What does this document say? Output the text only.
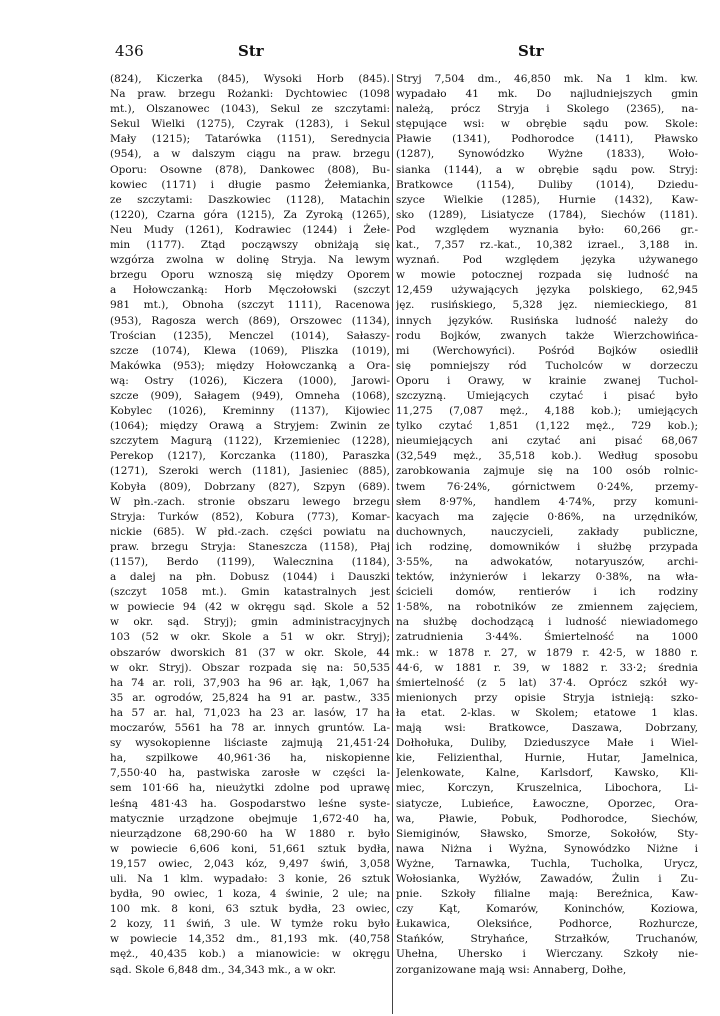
436	Str	Str
(824), Kiczerka (845), Wysoki Horb (845).
Na praw. brzegu Rożanki: Dychtowiec (1098
mt.), Olszanowec (1043), Sekul ze szczytami:
Sekul Wielki (1275), Czyrak (1283), i Sekul
Mały (1215); Tatarówka (1151), Serednycia
(954), a w dalszym ciągu na praw. brzegu
Oporu: Osowne (878), Dankowec (808), Bu-
kowiec (1171) i długie pasmo Żełemianka,
ze szczytami: Daszkowiec (1128), Matachin
(1220), Czarna góra (1215), Za Zyroką (1265),
Neu Mudy (1261), Kodrawiec (1244) i Żełe-
min (1177). Ztąd począwszy obniżają się
wzgórza zwolna w dolinę Stryja. Na lewym
brzegu Oporu wznoszą się między Oporem
a Hołowczanką: Horb Męczołowski (szczyt
981 mt.), Obnoha (szczyt 1111), Racenowa
(953), Ragosza werch (869), Orszowec (1134),
Trościan (1235), Menczel (1014), Sałaszy-
szcze (1074), Klewa (1069), Pliszka (1019),
Makówka (953); między Hołowczanką a Ora-
wą: Ostry (1026), Kiczera (1000), Jarowi-
szcze (909), Sałagem (949), Omneha (1068),
Kobylec (1026), Kreminny (1137), Kijowiec
(1064); między Orawą a Stryjem: Zwinin ze
szczytem Magurą (1122), Krzemieniec (1228),
Perekop (1217), Korczanka (1180), Paraszka
(1271), Szeroki werch (1181), Jasieniec (885),
Kobyła (809), Dobrzany (827), Szpyn (689).
W płn.-zach. stronie obszaru lewego brzegu
Stryja: Turków (852), Kobura (773), Komar-
nickie (685). W płd.-zach. części powiatu na
praw. brzegu Stryja: Staneszcza (1158), Płaj
(1157), Berdo (1199), Walecznina (1184),
a dalej na płn. Dobusz (1044) i Dauszki
(szczyt 1058 mt.). Gmin katastralnych jest
w powiecie 94 (42 w okręgu sąd. Skole a 52
w okr. sąd. Stryj); gmin administracyjnych
103 (52 w okr. Skole a 51 w okr. Stryj);
obszarów dworskich 81 (37 w okr. Skole, 44
w okr. Stryj). Obszar rozpada się na: 50,535
ha 74 ar. roli, 37,903 ha 96 ar. łąk, 1,067 ha
35 ar. ogrodów, 25,824 ha 91 ar. pastw., 335
ha 57 ar. hal, 71,023 ha 23 ar. lasów, 17 ha
moczarów, 5561 ha 78 ar. innych gruntów. La-
sy wysokopienne liściaste zajmują 21,451·24
ha, szpilkowe 40,961·36 ha, niskopienne
7,550·40 ha, pastwiska zarosłe w części la-
sem 101·66 ha, nieużytki zdolne pod uprawę
leśną 481·43 ha. Gospodarstwo leśne syste-
matycznie urządzone obejmuje 1,672·40 ha,
nieurządzone 68,290·60 ha W 1880 r. było
w powiecie 6,606 koni, 51,661 sztuk bydła,
19,157 owiec, 2,043 kóz, 9,497 świń, 3,058
uli. Na 1 klm. wypadało: 3 konie, 26 sztuk
bydła, 90 owiec, 1 koza, 4 świnie, 2 ule; na
100 mk. 8 koni, 63 sztuk bydła, 23 owiec,
2 kozy, 11 świń, 3 ule. W tymże roku było
w powiecie 14,352 dm., 81,193 mk. (40,758
męż., 40,435 kob.) a mianowicie: w okręgu
sąd. Skole 6,848 dm., 34,343 mk., a w okr.
Stryj 7,504 dm., 46,850 mk. Na 1 klm. kw.
wypadało 41 mk. Do najludniejszych gmin
należą, prócz Stryja i Skolego (2365), na-
stępujące wsi: w obrębie sądu pow. Skole:
Pławie (1341), Podhorodce (1411), Pławsko
(1287), Synowódzko Wyżne (1833), Woło-
sianka (1144), a w obrębie sądu pow. Stryj:
Bratkowce (1154), Duliby (1014), Dziedu-
szyce Wielkie (1285), Hurnie (1432), Kaw-
sko (1289), Lisiatycze (1784), Siechów (1181).
Pod względem wyznania było: 60,266 gr.-
kat., 7,357 rz.-kat., 10,382 izrael., 3,188 in.
wyznań. Pod względem języka używanego
w mowie potocznej rozpada się ludność na
12,459 używających języka polskiego, 62,945
jęz. rusińskiego, 5,328 jęz. niemieckiego, 81
innych języków. Rusińska ludność należy do
rodu Bojków, zwanych także Wierzchowińca-
mi (Werchowyńci). Pośród Bojków osiedlił
się pomniejszy ród Tucholców w dorzeczu
Oporu i Orawy, w krainie zwanej Tuchol-
szczyzną. Umiejących czytać i pisać było
11,275 (7,087 męż., 4,188 kob.); umiejących
tylko czytać 1,851 (1,122 męż., 729 kob.);
nieumiejących ani czytać ani pisać 68,067
(32,549 męż., 35,518 kob.). Według sposobu
zarobkowania zajmuje się na 100 osób rolnic-
twem 76·24%, górnictwem 0·24%, przemy-
słem 8·97%, handlem 4·74%, przy komuni-
kacyach ma zajęcie 0·86%, na urzędników,
duchownych, nauczycieli, zakłady publiczne,
ich rodzinę, domowników i służbę przypada
3·55%, na adwokatów, notaryuszów, archi-
tektów, inżynierów i lekarzy 0·38%, na wła-
ścicieli domów, rentierów i ich rodziny
1·58%, na robotników ze zmiennem zajęciem,
na służbę dochodzącą i ludność niewiadomego
zatrudnienia 3·44%. Śmiertelność na 1000
mk.: w 1878 r. 27, w 1879 r. 42·5, w 1880 r.
44·6, w 1881 r. 39, w 1882 r. 33·2; średnia
śmiertelność (z 5 lat) 37·4. Oprócz szkół wy-
mienionych przy opisie Stryja istnieją: szko-
ła etat. 2-klas. w Skolem; etatowe 1 klas.
mają wsi: Bratkowce, Daszawa, Dobrzany,
Dołhołuka, Duliby, Dzieduszyce Małe i Wiel-
kie, Felizienthal, Hurnie, Hutar, Jamelnica,
Jelenkowate, Kalne, Karlsdorf, Kawsko, Kli-
miec, Korczyn, Kruszelnica, Libochora, Li-
siatycze, Lubieńce, Ławoczne, Oporzec, Ora-
wa, Pławie, Pobuk, Podhorodce, Siechów,
Siemiginów, Sławsko, Smorze, Sokołów, Sty-
nawa Niżna i Wyżna, Synowódzko Niżne i
Wyżne, Tarnawka, Tuchla, Tucholka, Urycz,
Wołosianka, Wyżłów, Zawadów, Żulin i Zu-
pnie. Szkoły filialne mają: Bereźnica, Kaw-
czy Kąt, Komarów, Koninchów, Koziowa,
Łukawica, Oleksińce, Podhorce, Rozhurcze,
Stańków, Stryhańce, Strzałków, Truchanów,
Uhełna, Uhersko i Wierczany. Szkoły nie-
zorganizowane mają wsi: Annaberg, Dołhe,
